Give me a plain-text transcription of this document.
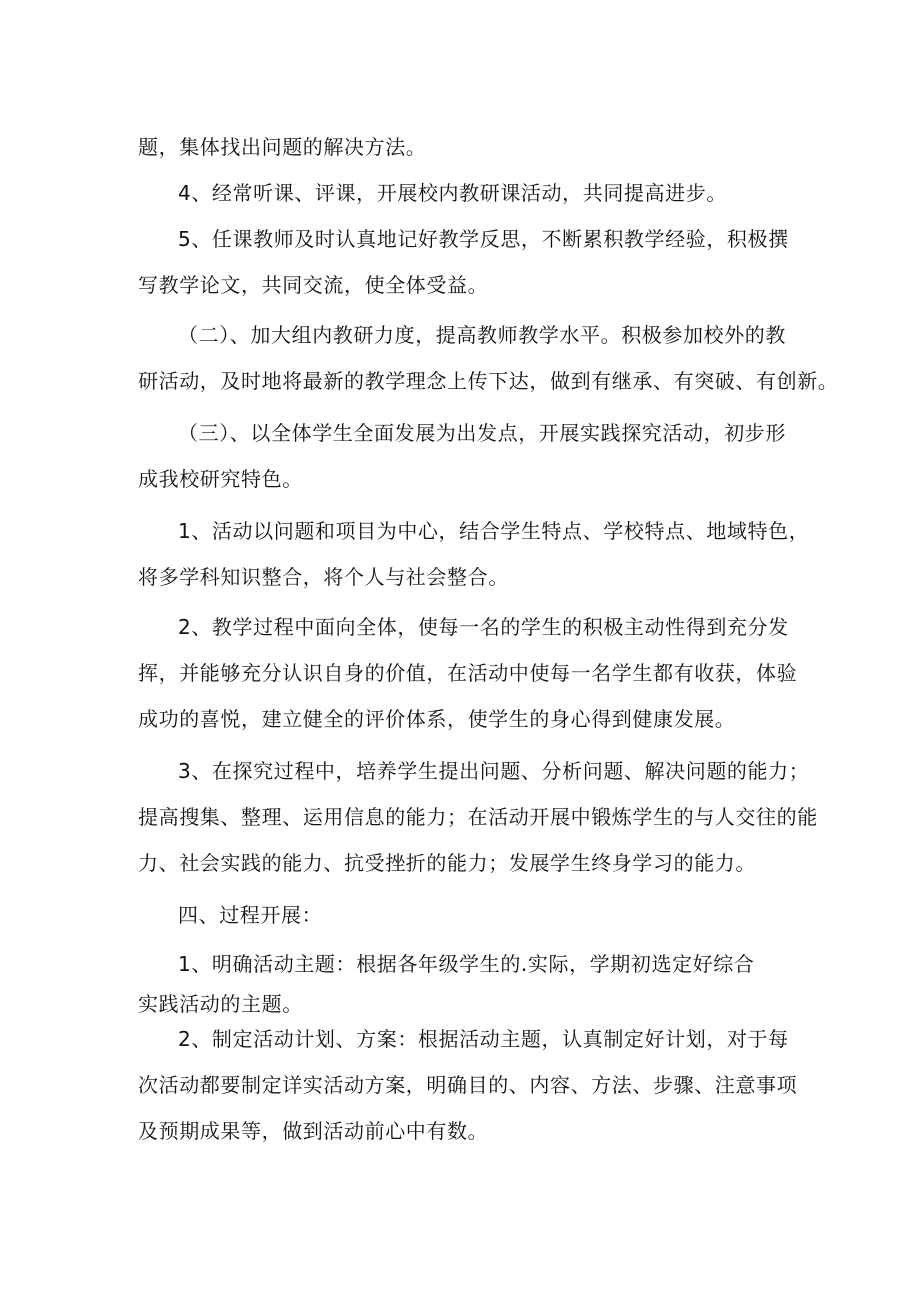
题，集体找出问题的解决方法。
4、经常听课、评课，开展校内教研课活动，共同提高进步。
5、任课教师及时认真地记好教学反思，不断累积教学经验，积极撰
写教学论文，共同交流，使全体受益。
（二）、加大组内教研力度，提高教师教学水平。积极参加校外的教
研活动，及时地将最新的教学理念上传下达，做到有继承、有突破、有创新。
（三）、以全体学生全面发展为出发点，开展实践探究活动，初步形
成我校研究特色。
1、活动以问题和项目为中心，结合学生特点、学校特点、地域特色，
将多学科知识整合，将个人与社会整合。
2、教学过程中面向全体，使每一名的学生的积极主动性得到充分发
挥，并能够充分认识自身的价值，在活动中使每一名学生都有收获，体验
成功的喜悦，建立健全的评价体系，使学生的身心得到健康发展。
3、在探究过程中，培养学生提出问题、分析问题、解决问题的能力；
提高搜集、整理、运用信息的能力；在活动开展中锻炼学生的与人交往的能
力、社会实践的能力、抗受挫折的能力；发展学生终身学习的能力。
四、过程开展：
1、明确活动主题：根据各年级学生的.实际，学期初选定好综合
实践活动的主题。
2、制定活动计划、方案：根据活动主题，认真制定好计划，对于每
次活动都要制定详实活动方案，明确目的、内容、方法、步骤、注意事项
及预期成果等，做到活动前心中有数。
